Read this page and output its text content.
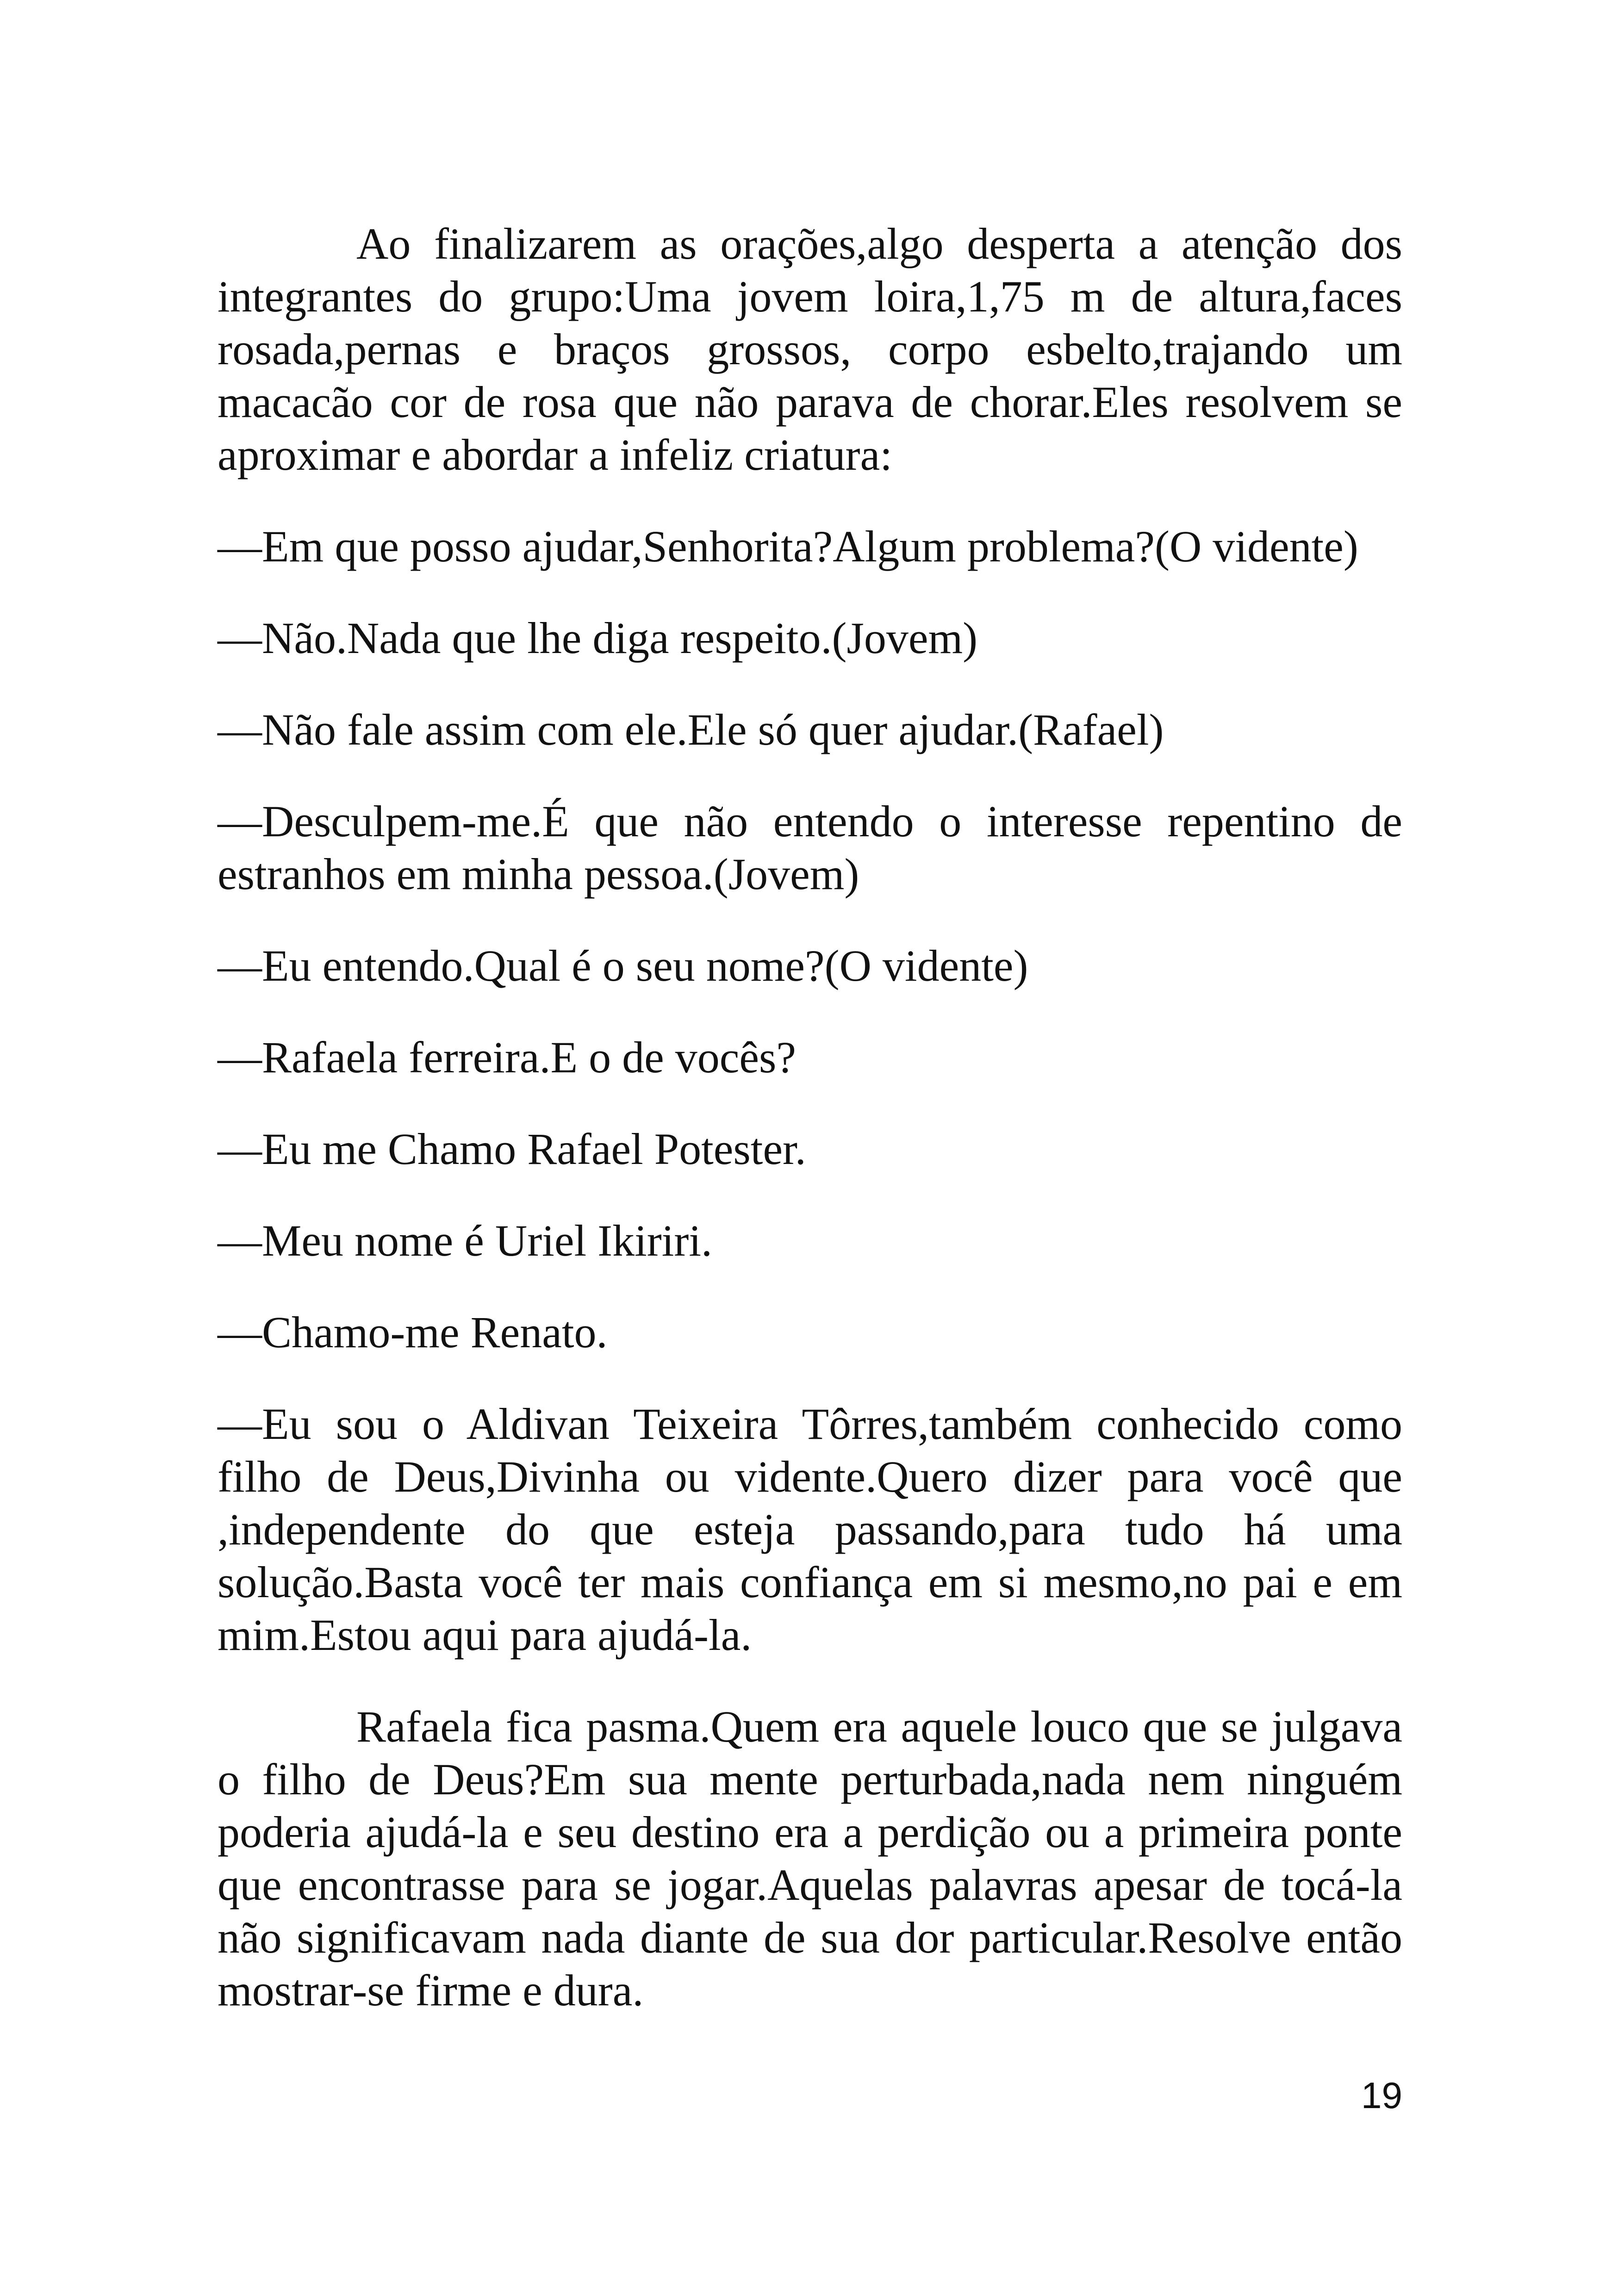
Ao finalizarem as orações,algo desperta a atenção dos integrantes do grupo:Uma jovem loira,1,75 m de altura,faces rosada,pernas e braços grossos, corpo esbelto,trajando um macacão cor de rosa que não parava de chorar.Eles resolvem se aproximar e abordar a infeliz criatura:

—Em que posso ajudar,Senhorita?Algum problema?(O vidente)

—Não.Nada que lhe diga respeito.(Jovem)

—Não fale assim com ele.Ele só quer ajudar.(Rafael)

—Desculpem-me.É que não entendo o interesse repentino de estranhos em minha pessoa.(Jovem)

—Eu entendo.Qual é o seu nome?(O vidente)

—Rafaela ferreira.E o de vocês?

—Eu me Chamo Rafael Potester.

—Meu nome é Uriel Ikiriri.

—Chamo-me Renato.

—Eu sou o Aldivan Teixeira Tôrres,também conhecido como filho de Deus,Divinha ou vidente.Quero dizer para você que ,independente do que esteja passando,para tudo há uma solução.Basta você ter mais confiança em si mesmo,no pai e em mim.Estou aqui para ajudá-la.

Rafaela fica pasma.Quem era aquele louco que se julgava o filho de Deus?Em sua mente perturbada,nada nem ninguém poderia ajudá-la e seu destino era a perdição ou a primeira ponte que encontrasse para se jogar.Aquelas palavras apesar de tocá-la não significavam nada diante de sua dor particular.Resolve então mostrar-se firme e dura.

19
